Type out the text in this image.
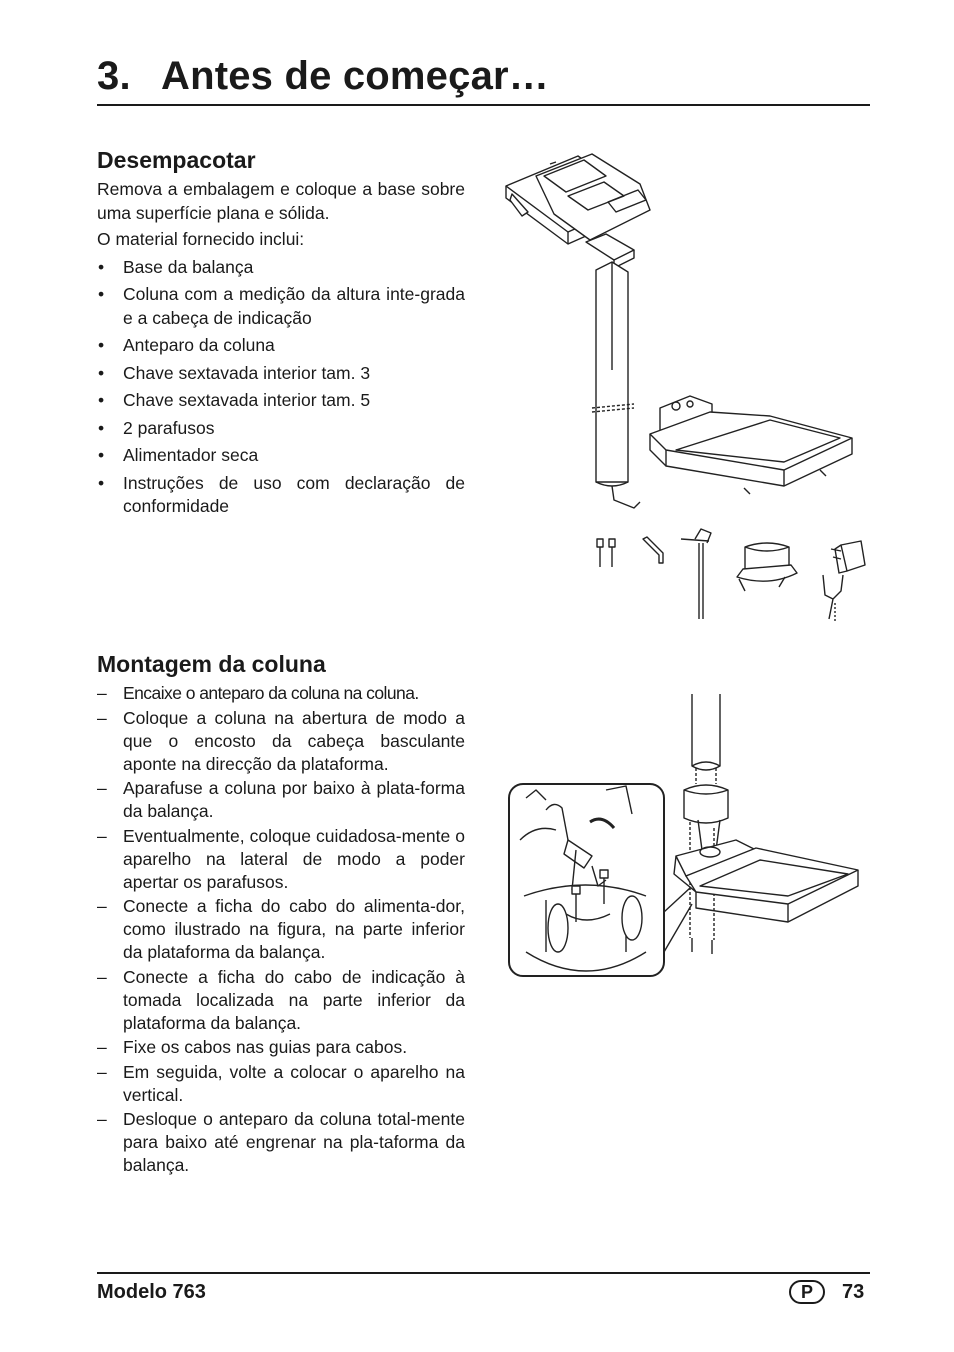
3. Antes de começar…
Desempacotar

Remova a embalagem e coloque a base sobre uma superfície plana e sólida.

O material fornecido inclui:

• Base da balança
• Coluna com a medição da altura inte-grada e a cabeça de indicação
• Anteparo da coluna
• Chave sextavada interior tam. 3
• Chave sextavada interior tam. 5
• 2 parafusos
• Alimentador seca
• Instruções de uso com declaração de conformidade
Montagem da coluna
– Encaixe o anteparo da coluna na coluna.
– Coloque a coluna na abertura de modo a que o encosto da cabeça basculante aponte na direcção da plataforma.
– Aparafuse a coluna por baixo à plata-forma da balança.
– Eventualmente, coloque cuidadosa-mente o aparelho na lateral de modo a poder apertar os parafusos.
– Conecte a ficha do cabo do alimenta-dor, como ilustrado na figura, na parte inferior da plataforma da balança.
– Conecte a ficha do cabo de indicação à tomada localizada na parte inferior da plataforma da balança.
– Fixe os cabos nas guias para cabos.
– Em seguida, volte a colocar o aparelho na vertical.
– Desloque o anteparo da coluna total-mente para baixo até engrenar na pla-taforma da balança.
Modelo 763	P	73
